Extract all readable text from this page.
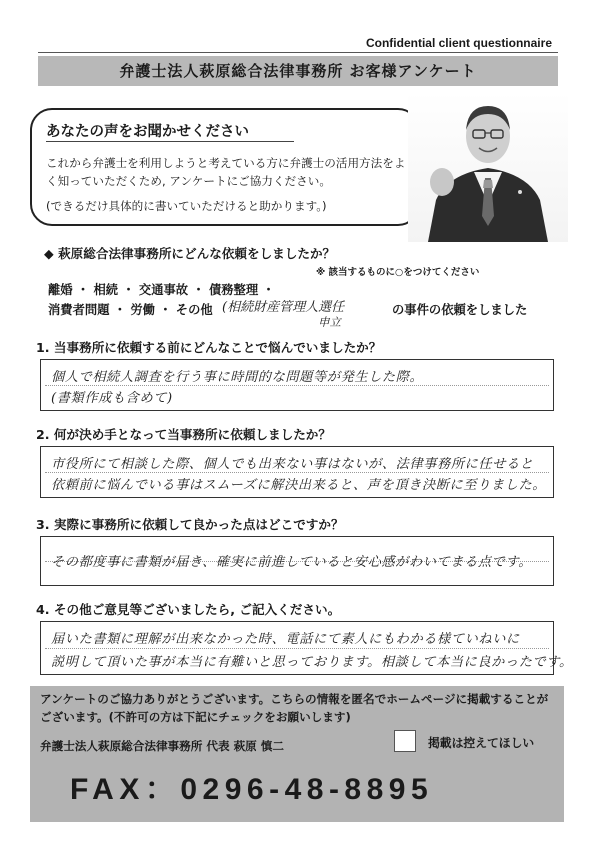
Confidential client questionnaire
弁護士法人萩原総合法律事務所 お客様アンケート
あなたの声をお聞かせください
これから弁護士を利用しようと考えている方に弁護士の活用方法をよく知っていただくため, アンケートにご協力ください。
(できるだけ具体的に書いていただけると助かります。)
◆ 萩原総合法律事務所にどんな依頼をしましたか？
※ 該当するものに○をつけてください
離婚 ・ 相続 ・ 交通事故 ・ 債務整理 ・
消費者問題 ・ 労働 ・ その他 (相続財産管理人選任
申立
の事件の依頼をしました
1. 当事務所に依頼する前にどんなことで悩んでいましたか？
個人で相続人調査を行う事に時間的な問題等が発生した際。
(書類作成も含めて)
2. 何が決め手となって当事務所に依頼しましたか？
市役所にて相談した際、個人でも出来ない事はないが、法律事務所に任せると
依頼前に悩んでいる事はスムーズに解決出来ると、声を頂き決断に至りました。
3. 実際に事務所に依頼して良かった点はどこですか？
その都度事に書類が届き、確実に前進していると安心感がわいてまる点です。
4. その他ご意見等ございましたら, ご記入ください。
届いた書類に理解が出来なかった時、電話にて素人にもわかる様ていねいに
説明して頂いた事が本当に有難いと思っております。相談して本当に良かったです。
アンケートのご協力ありがとうございます。こちらの情報を匿名でホームページに掲載することがございます。(不許可の方は下記にチェックをお願いします)
弁護士法人萩原総合法律事務所 代表 萩原 慎二	掲載は控えてほしい
FAX：0296-48-8895
